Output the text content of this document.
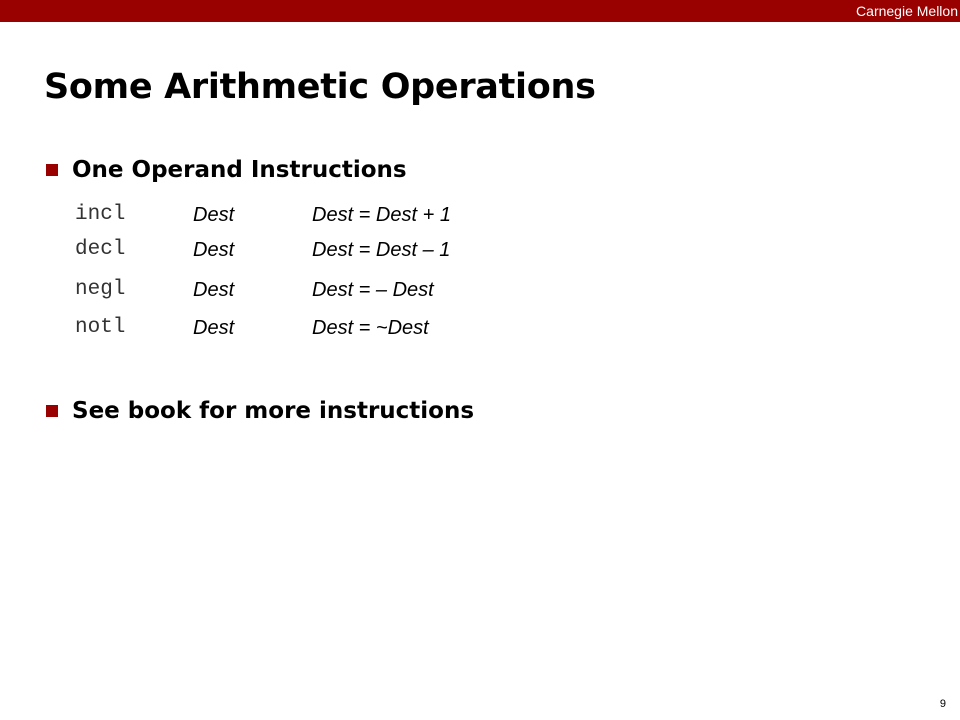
Carnegie Mellon
Some Arithmetic Operations
One Operand Instructions
incl	Dest	Dest = Dest + 1
decl	Dest	Dest = Dest – 1
negl	Dest	Dest = – Dest
notl	Dest	Dest = ~Dest
See book for more instructions
9
